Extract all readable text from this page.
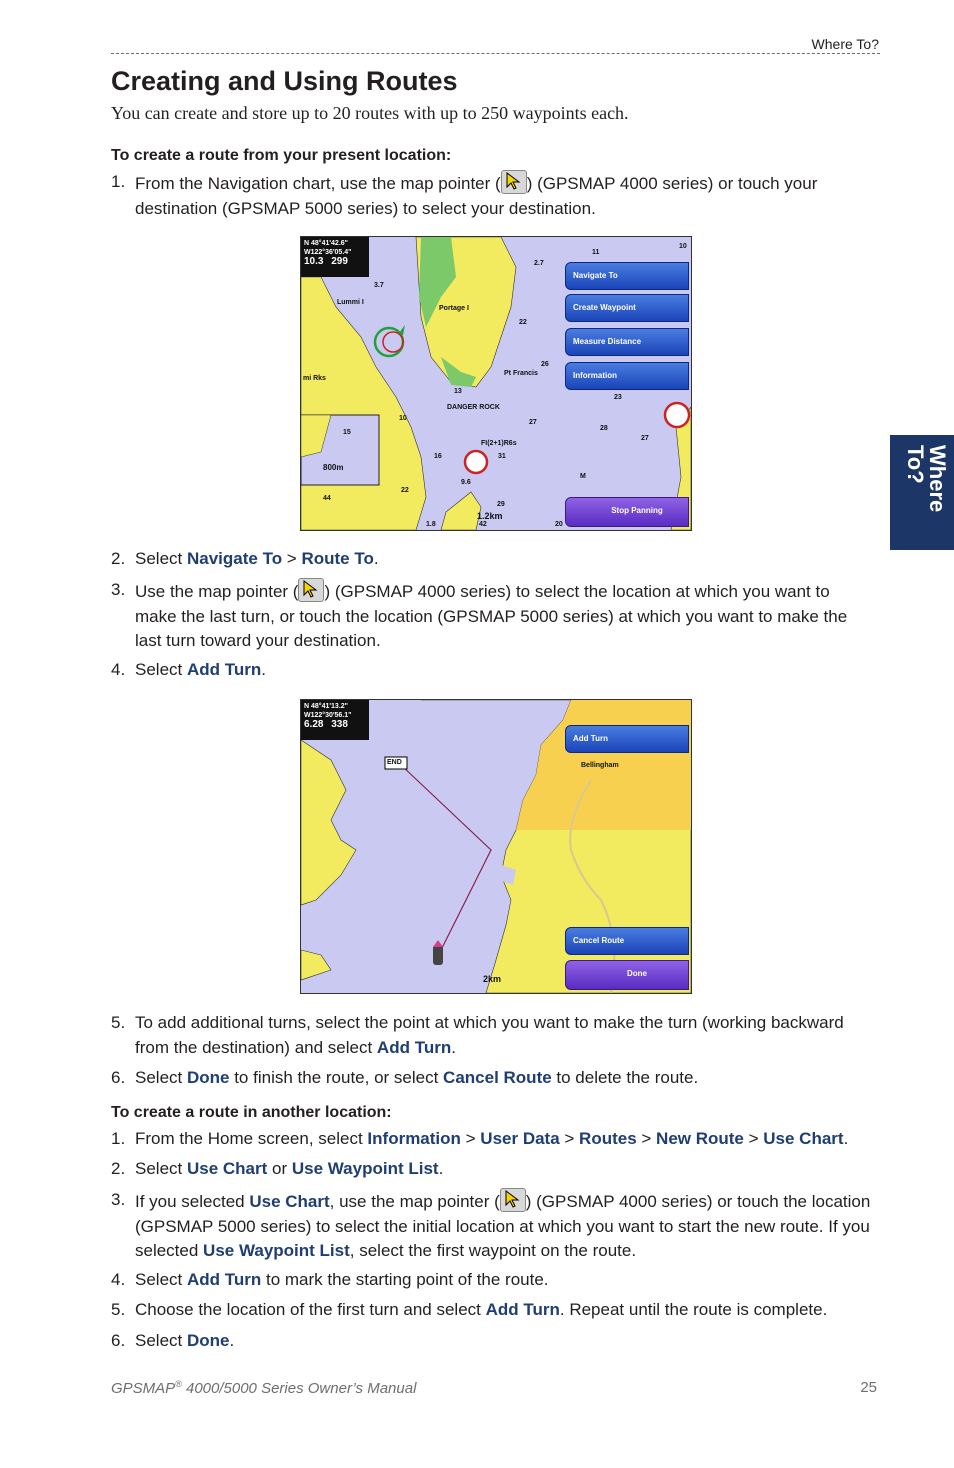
Where To?
Creating and Using Routes
You can create and store up to 20 routes with up to 250 waypoints each.
Where
To?
To create a route from your present location:
1. From the Navigation chart, use the map pointer ( ) (GPSMAP 4000 series) or touch your destination (GPSMAP 5000 series) to select your destination.
N 48°41'42.6"
W122°36'05.4"
10.3 299
Lummi I
Portage I
Pt Francis
DANGER ROCK
FI(2+1)R6s
mi Rks
11
10
2.7
3.7
22
26
27
13
16
9.6
31
29
23
27
28
22
44
15
20
42
10
1.8
M
800m
1.2km
Navigate To
Create Waypoint
Measure Distance
Information
Stop Panning
2. Select Navigate To > Route To.
3. Use the map pointer ( ) (GPSMAP 4000 series) to select the location at which you want to make the last turn, or touch the location (GPSMAP 5000 series) at which you want to make the last turn toward your destination.
4. Select Add Turn.
N 48°41'13.2"
W122°30'56.1"
6.28 338
END	Bellingham
2km
Add Turn
Cancel Route
Done
5. To add additional turns, select the point at which you want to make the turn (working backward from the destination) and select Add Turn.
6. Select Done to finish the route, or select Cancel Route to delete the route.
To create a route in another location:
1. From the Home screen, select Information > User Data > Routes > New Route > Use Chart.
2. Select Use Chart or Use Waypoint List.
3. If you selected Use Chart, use the map pointer ( ) (GPSMAP 4000 series) or touch the location (GPSMAP 5000 series) to select the initial location at which you want to start the new route. If you selected Use Waypoint List, select the first waypoint on the route.
4. Select Add Turn to mark the starting point of the route.
5. Choose the location of the first turn and select Add Turn. Repeat until the route is complete.
6. Select Done.
GPSMAP® 4000/5000 Series Owner’s Manual	25
